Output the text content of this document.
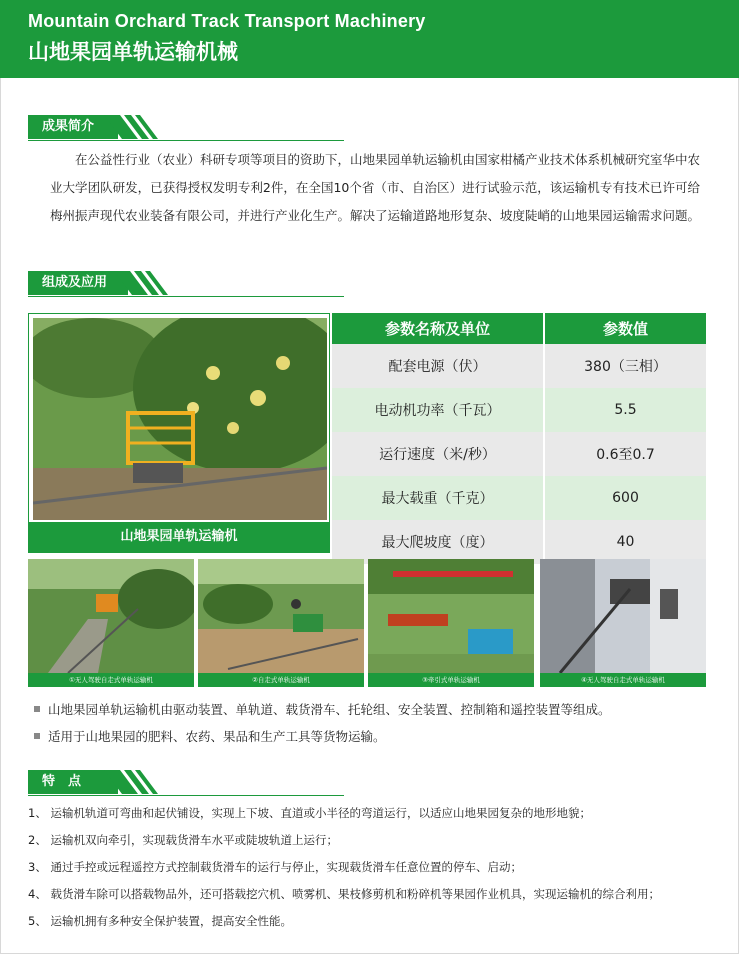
Mountain Orchard Track Transport Machinery
山地果园单轨运输机械
成果简介

在公益性行业（农业）科研专项等项目的资助下，山地果园单轨运输机由国家柑橘产业技术体系机械研究室华中农业大学团队研发，已获得授权发明专利2件，在全国10个省（市、自治区）进行试验示范，该运输机专有技术已许可给梅州振声现代农业装备有限公司，并进行产业化生产。解决了运输道路地形复杂、坡度陡峭的山地果园运输需求问题。

组成及应用
山地果园单轨运输机
参数名称及单位	参数值
配套电源（伏）	380（三相）
电动机功率（千瓦）	5.5
运行速度（米/秒）	0.6至0.7
最大载重（千克）	600
最大爬坡度（度）	40
①无人驾驶自走式单轨运输机	②自走式单轨运输机	③牵引式单轨运输机	④无人驾驶自走式单轨运输机
山地果园单轨运输机由驱动装置、单轨道、载货滑车、托轮组、安全装置、控制箱和遥控装置等组成。
适用于山地果园的肥料、农药、果品和生产工具等货物运输。
特　点
1、 运输机轨道可弯曲和起伏铺设，实现上下坡、直道或小半径的弯道运行，以适应山地果园复杂的地形地貌；
2、 运输机双向牵引，实现载货滑车水平或陡坡轨道上运行；
3、 通过手控或远程遥控方式控制载货滑车的运行与停止，实现载货滑车任意位置的停车、启动；
4、 载货滑车除可以搭载物品外，还可搭载挖穴机、喷雾机、果枝修剪机和粉碎机等果园作业机具，实现运输机的综合利用；
5、 运输机拥有多种安全保护装置，提高安全性能。
